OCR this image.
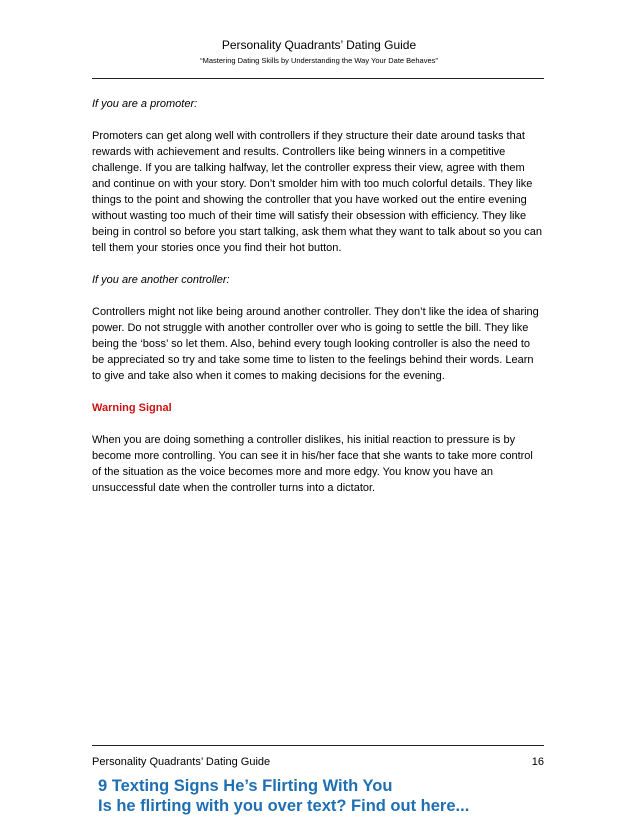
Personality Quadrants’ Dating Guide
“Mastering Dating Skills by Understanding the Way Your Date Behaves”

If you are a promoter:

Promoters can get along well with controllers if they structure their date around tasks that rewards with achievement and results. Controllers like being winners in a competitive challenge. If you are talking halfway, let the controller express their view, agree with them and continue on with your story. Don’t smolder him with too much colorful details. They like things to the point and showing the controller that you have worked out the entire evening without wasting too much of their time will satisfy their obsession with efficiency. They like being in control so before you start talking, ask them what they want to talk about so you can tell them your stories once you find their hot button.

If you are another controller:

Controllers might not like being around another controller. They don’t like the idea of sharing power. Do not struggle with another controller over who is going to settle the bill. They like being the ‘boss’ so let them. Also, behind every tough looking controller is also the need to be appreciated so try and take some time to listen to the feelings behind their words. Learn to give and take also when it comes to making decisions for the evening.

Warning Signal

When you are doing something a controller dislikes, his initial reaction to pressure is by become more controlling. You can see it in his/her face that she wants to take more control of the situation as the voice becomes more and more edgy. You know you have an unsuccessful date when the controller turns into a dictator.

Personality Quadrants’ Dating Guide	16
9 Texting Signs He’s Flirting With You
Is he flirting with you over text? Find out here...
